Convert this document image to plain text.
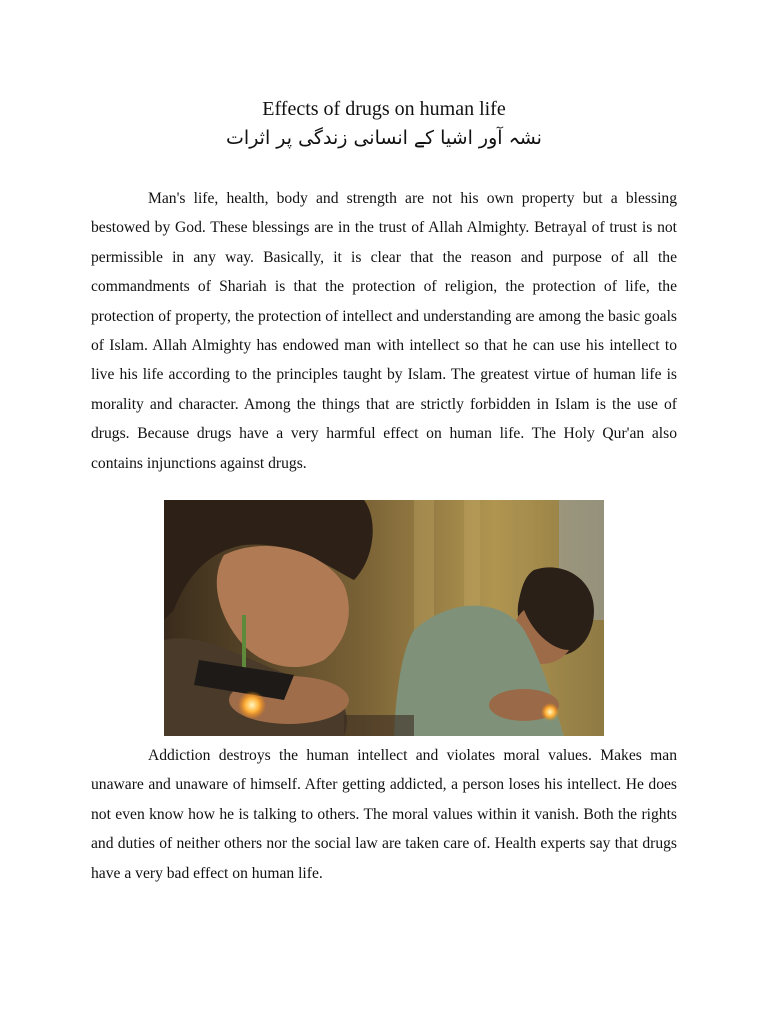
Effects of drugs on human life
نشہ آور اشیا کے انسانی زندگی پر اثرات

Man's life, health, body and strength are not his own property but a blessing bestowed by God. These blessings are in the trust of Allah Almighty. Betrayal of trust is not permissible in any way. Basically, it is clear that the reason and purpose of all the commandments of Shariah is that the protection of religion, the protection of life, the protection of property, the protection of intellect and understanding are among the basic goals of Islam. Allah Almighty has endowed man with intellect so that he can use his intellect to live his life according to the principles taught by Islam. The greatest virtue of human life is morality and character. Among the things that are strictly forbidden in Islam is the use of drugs. Because drugs have a very harmful effect on human life. The Holy Qur'an also contains injunctions against drugs.

Addiction destroys the human intellect and violates moral values. Makes man unaware and unaware of himself. After getting addicted, a person loses his intellect. He does not even know how he is talking to others. The moral values within it vanish. Both the rights and duties of neither others nor the social law are taken care of. Health experts say that drugs have a very bad effect on human life.
